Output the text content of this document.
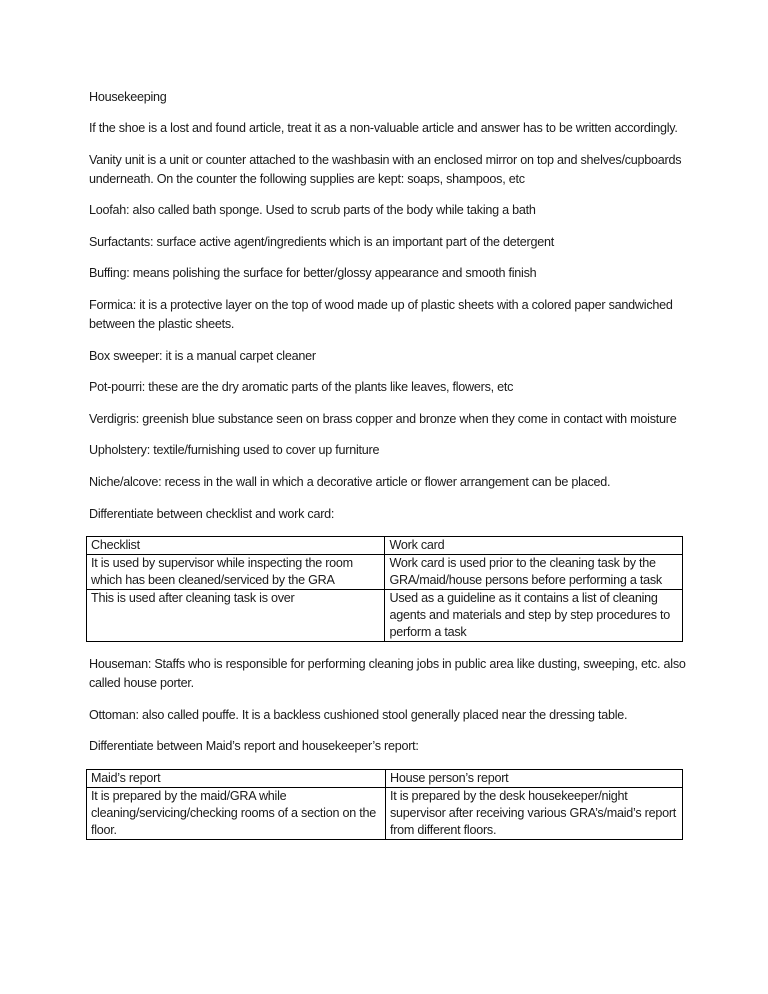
Housekeeping

If the shoe is a lost and found article, treat it as a non-valuable article and answer has to be written accordingly.

Vanity unit is a unit or counter attached to the washbasin with an enclosed mirror on top and shelves/cupboards underneath. On the counter the following supplies are kept: soaps, shampoos, etc

Loofah: also called bath sponge. Used to scrub parts of the body while taking a bath

Surfactants: surface active agent/ingredients which is an important part of the detergent

Buffing: means polishing the surface for better/glossy appearance and smooth finish

Formica: it is a protective layer on the top of wood made up of plastic sheets with a colored paper sandwiched between the plastic sheets.

Box sweeper: it is a manual carpet cleaner

Pot-pourri: these are the dry aromatic parts of the plants like leaves, flowers, etc

Verdigris: greenish blue substance seen on brass copper and bronze when they come in contact with moisture

Upholstery: textile/furnishing used to cover up furniture

Niche/alcove: recess in the wall in which a decorative article or flower arrangement can be placed.

Differentiate between checklist and work card:

Checklist	Work card
It is used by supervisor while inspecting the room which has been cleaned/serviced by the GRA	Work card is used prior to the cleaning task by the GRA/maid/house persons before performing a task
This is used after cleaning task is over	Used as a guideline as it contains a list of cleaning agents and materials and step by step procedures to perform a task

Houseman: Staffs who is responsible for performing cleaning jobs in public area like dusting, sweeping, etc. also called house porter.

Ottoman: also called pouffe. It is a backless cushioned stool generally placed near the dressing table.

Differentiate between Maid’s report and housekeeper’s report:

Maid’s report	House person’s report
It is prepared by the maid/GRA while cleaning/servicing/checking rooms of a section on the floor.	It is prepared by the desk housekeeper/night supervisor after receiving various GRA’s/maid’s report from different floors.
